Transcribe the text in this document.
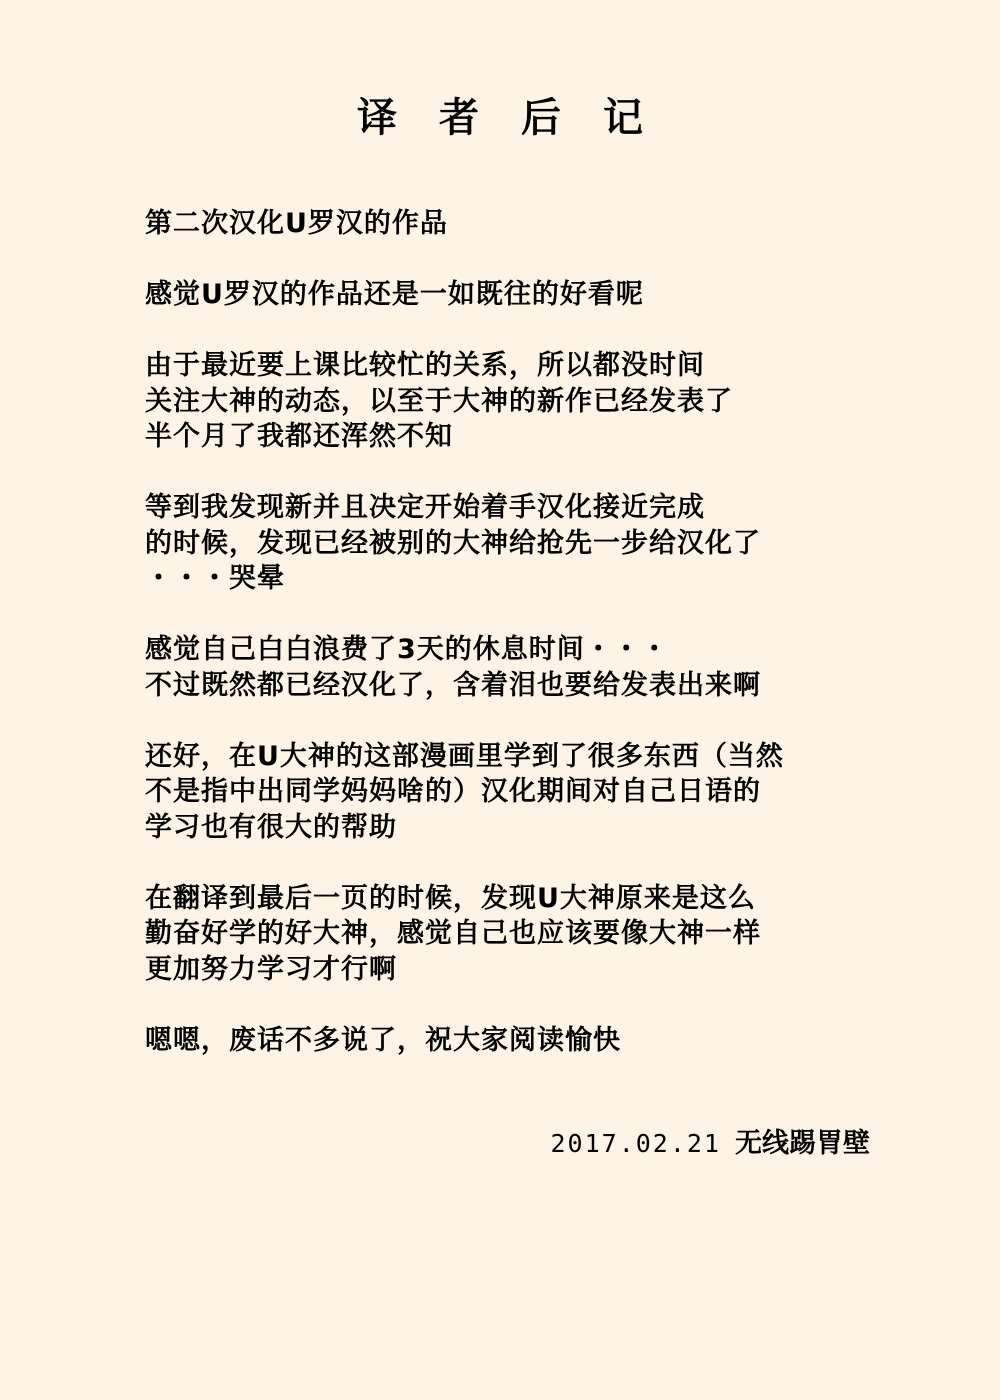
译者后记
第二次汉化U罗汉的作品
感觉U罗汉的作品还是一如既往的好看呢
由于最近要上课比较忙的关系，所以都没时间
关注大神的动态，以至于大神的新作已经发表了
半个月了我都还浑然不知
等到我发现新并且决定开始着手汉化接近完成
的时候，发现已经被别的大神给抢先一步给汉化了
・・・哭晕
感觉自己白白浪费了3天的休息时间・・・
不过既然都已经汉化了，含着泪也要给发表出来啊
还好，在U大神的这部漫画里学到了很多东西（当然
不是指中出同学妈妈啥的）汉化期间对自己日语的
学习也有很大的帮助
在翻译到最后一页的时候，发现U大神原来是这么
勤奋好学的好大神，感觉自己也应该要像大神一样
更加努力学习才行啊
嗯嗯，废话不多说了，祝大家阅读愉快
2017.02.21 无线踢胃壁
